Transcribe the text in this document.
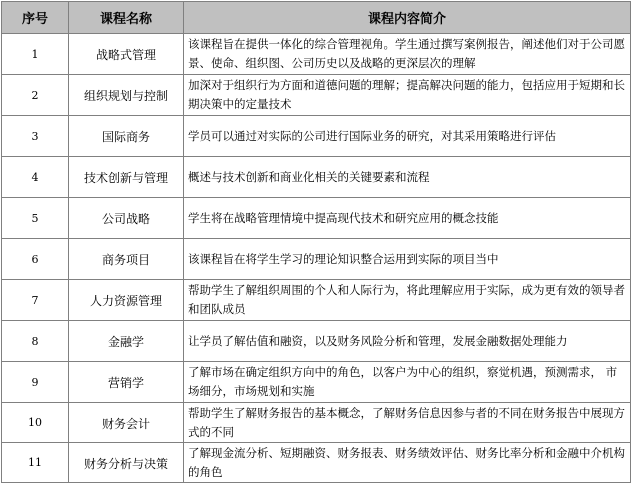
序号	课程名称	课程内容简介
1	战略式管理	该课程旨在提供一体化的综合管理视角。学生通过撰写案例报告，阐述他们对于公司愿景、使命、组织图、公司历史以及战略的更深层次的理解
2	组织规划与控制	加深对于组织行为方面和道德问题的理解；提高解决问题的能力，包括应用于短期和长期决策中的定量技术
3	国际商务	学员可以通过对实际的公司进行国际业务的研究，对其采用策略进行评估
4	技术创新与管理	概述与技术创新和商业化相关的关键要素和流程
5	公司战略	学生将在战略管理情境中提高现代技术和研究应用的概念技能
6	商务项目	该课程旨在将学生学习的理论知识整合运用到实际的项目当中
7	人力资源管理	帮助学生了解组织周围的个人和人际行为，将此理解应用于实际，成为更有效的领导者和团队成员
8	金融学	让学员了解估值和融资，以及财务风险分析和管理，发展金融数据处理能力
9	营销学	了解市场在确定组织方向中的角色，以客户为中心的组织，察觉机遇，预测需求， 市场细分，市场规划和实施
10	财务会计	帮助学生了解财务报告的基本概念，了解财务信息因参与者的不同在财务报告中展现方式的不同
11	财务分析与决策	了解现金流分析、短期融资、财务报表、财务绩效评估、财务比率分析和金融中介机构的角色
